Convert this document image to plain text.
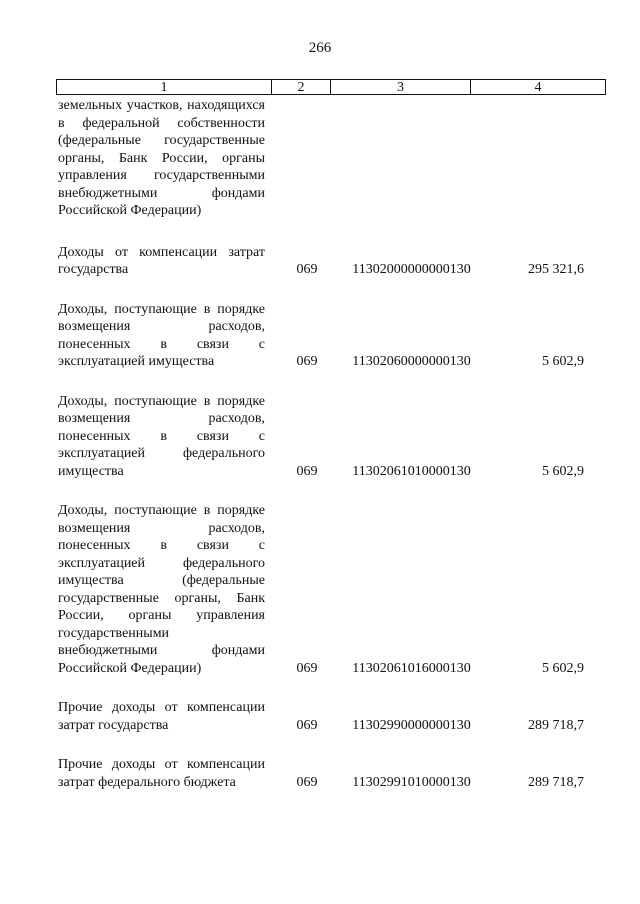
266
1	2	3	4
земельных участков, находящихся в федеральной собственности (федеральные государственные органы, Банк России, органы управления государственными внебюджетными фондами Российской Федерации)
Доходы от компенсации затрат государства	069	11302000000000130	295 321,6
Доходы, поступающие в порядке возмещения расходов, понесенных в связи с эксплуатацией имущества	069	11302060000000130	5 602,9
Доходы, поступающие в порядке возмещения расходов, понесенных в связи с эксплуатацией федерального имущества	069	11302061010000130	5 602,9
Доходы, поступающие в порядке возмещения расходов, понесенных в связи с эксплуатацией федерального имущества (федеральные государственные органы, Банк России, органы управления государственными внебюджетными фондами Российской Федерации)	069	11302061016000130	5 602,9
Прочие доходы от компенсации затрат государства	069	11302990000000130	289 718,7
Прочие доходы от компенсации затрат федерального бюджета	069	11302991010000130	289 718,7
